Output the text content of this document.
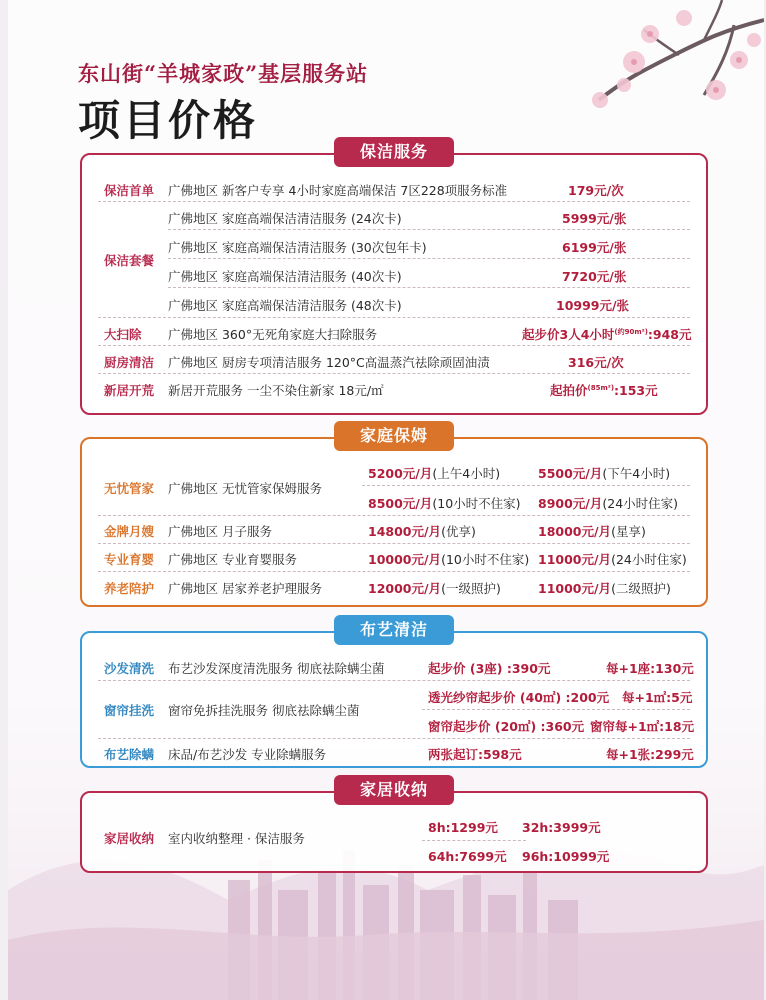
东山街“羊城家政”基层服务站
项目价格
保洁服务
保洁首单 广佛地区 新客户专享 4小时家庭高端保洁 7区228项服务标准	179元/次
保洁套餐
广佛地区 家庭高端保洁清洁服务 (24次卡)	5999元/张
广佛地区 家庭高端保洁清洁服务 (30次包年卡)	6199元/张
广佛地区 家庭高端保洁清洁服务 (40次卡)	7720元/张
广佛地区 家庭高端保洁清洁服务 (48次卡)	10999元/张
大扫除 广佛地区 360°无死角家庭大扫除服务	起步价3人4小时$^{(约90m^2)}$:948元
厨房清洁 广佛地区 厨房专项清洁服务 120°C高温蒸汽祛除顽固油渍	316元/次
新居开荒 新居开荒服务 一尘不染住新家 18元/㎡	起拍价$^{(85m^2)}$:153元
家庭保姆
无忧管家 广佛地区 无忧管家保姆服务
5200元/月(上午4小时)	5500元/月(下午4小时)
8500元/月(10小时不住家) 8900元/月(24小时住家)
金牌月嫂 广佛地区 月子服务	14800元/月(优享)	18000元/月(星享)
专业育婴 广佛地区 专业育婴服务	10000元/月(10小时不住家) 11000元/月(24小时住家)
养老陪护 广佛地区 居家养老护理服务	12000元/月(一级照护)	11000元/月(二级照护)
布艺清洁
沙发清洗 布艺沙发深度清洗服务 彻底祛除螨尘菌	起步价 (3座) :390元	每+1座:130元
窗帘挂洗 窗帘免拆挂洗服务 彻底祛除螨尘菌
透光纱帘起步价 (40㎡) :200元 每+1㎡:5元
窗帘起步价 (20㎡) :360元 窗帘每+1㎡:18元
布艺除螨 床品/布艺沙发 专业除螨服务	两张起订:598元	每+1张:299元
家居收纳
家居收纳 室内收纳整理 · 保洁服务
8h:1299元 32h:3999元
64h:7699元 96h:10999元
